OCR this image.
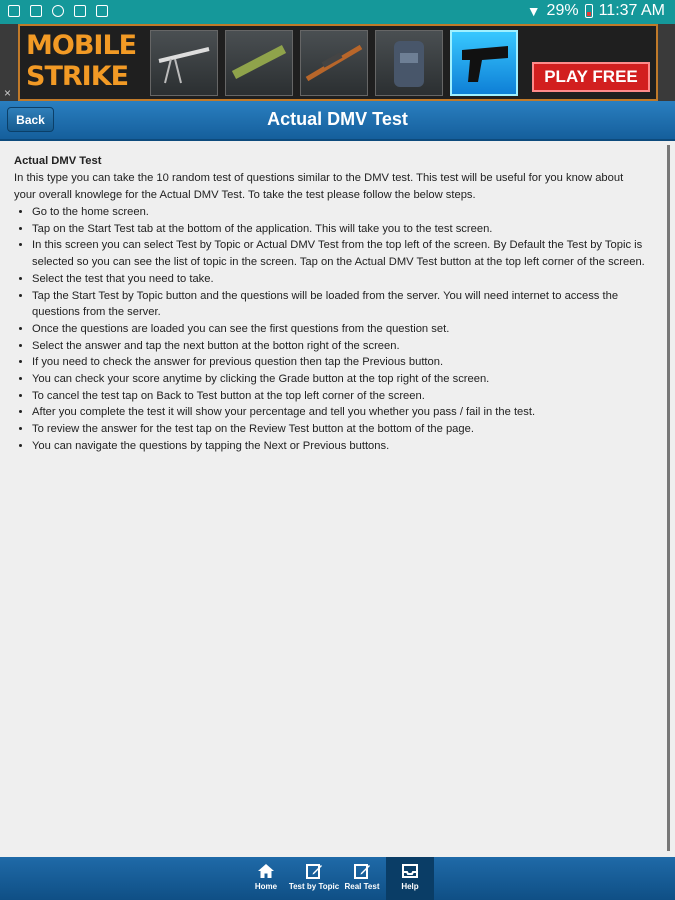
▼ 29% 11:37 AM
MOBILE
STRIKE	PLAY FREE
×
Back	Actual DMV Test
Actual DMV Test
In this type you can take the 10 random test of questions similar to the DMV test. This test will be useful for you know about your overall knowlege for the Actual DMV Test. To take the test please follow the below steps.
• Go to the home screen.
• Tap on the Start Test tab at the bottom of the application. This will take you to the test screen.
• In this screen you can select Test by Topic or Actual DMV Test from the top left of the screen. By Default the Test by Topic is selected so you can see the list of topic in the screen. Tap on the Actual DMV Test button at the top left corner of the screen.
• Select the test that you need to take.
• Tap the Start Test by Topic button and the questions will be loaded from the server. You will need internet to access the questions from the server.
• Once the questions are loaded you can see the first questions from the question set.
• Select the answer and tap the next button at the botton right of the screen.
• If you need to check the answer for previous question then tap the Previous button.
• You can check your score anytime by clicking the Grade button at the top right of the screen.
• To cancel the test tap on Back to Test button at the top left corner of the screen.
• After you complete the test it will show your percentage and tell you whether you pass / fail in the test.
• To review the answer for the test tap on the Review Test button at the bottom of the page.
• You can navigate the questions by tapping the Next or Previous buttons.
Home	Test by Topic Real Test	Help
